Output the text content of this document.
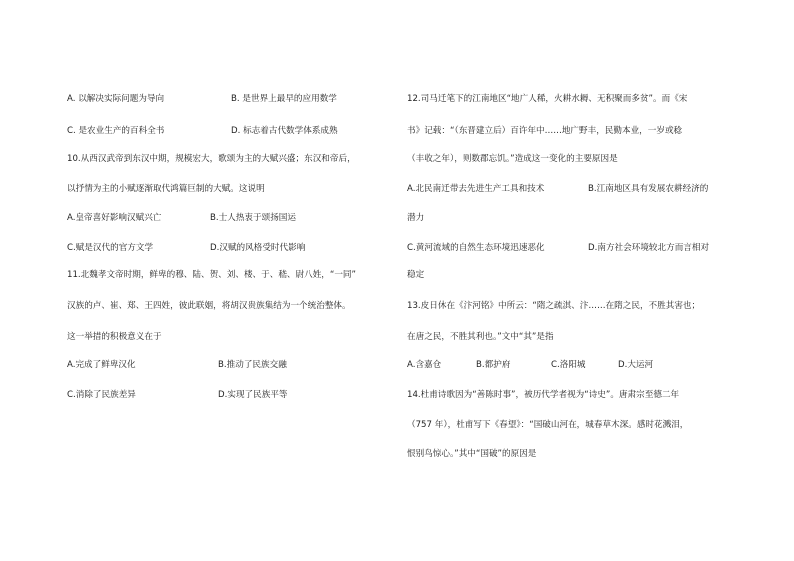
A. 以解决实际问题为导向	B. 是世界上最早的应用数学
C. 是农业生产的百科全书	D. 标志着古代数学体系成熟
10.从西汉武帝到东汉中期，规模宏大，歌颂为主的大赋兴盛；东汉和帝后，
以抒情为主的小赋逐渐取代鸿篇巨制的大赋。这说明
A.皇帝喜好影响汉赋兴亡	B.士人热衷于颂扬国运
C.赋是汉代的官方文学	D.汉赋的风格受时代影响
11.北魏孝文帝时期，鲜卑的穆、陆、贺、刘、楼、于、嵇、尉八姓，“一同”
汉族的卢、崔、郑、王四姓，彼此联姻，将胡汉贵族集结为一个统治整体。
这一举措的积极意义在于
A.完成了鲜卑汉化	B.推动了民族交融
C.消除了民族差异	D.实现了民族平等
12.司马迁笔下的江南地区“地广人稀，火耕水耨、无积聚而多贫”。而《宋
书》记载：“（东晋建立后）百许年中……地广野丰，民勤本业，一岁或稔
（丰收之年），则数郡忘饥。”造成这一变化的主要原因是
A.北民南迁带去先进生产工具和技术	B.江南地区具有发展农耕经济的
潜力
C.黄河流域的自然生态环境迅速恶化	D.南方社会环境较北方而言相对
稳定
13.皮日休在《汴河铭》中所云：“隋之疏淇、汴……在隋之民，不胜其害也；
在唐之民，不胜其利也。”文中“其”是指
A.含嘉仓	B.都护府	C.洛阳城	D.大运河
14.杜甫诗歌因为“善陈时事”，被历代学者视为“诗史”。唐肃宗至德二年
（757 年），杜甫写下《春望》：“国破山河在，城春草木深。感时花溅泪，
恨别鸟惊心。”其中“国破”的原因是
